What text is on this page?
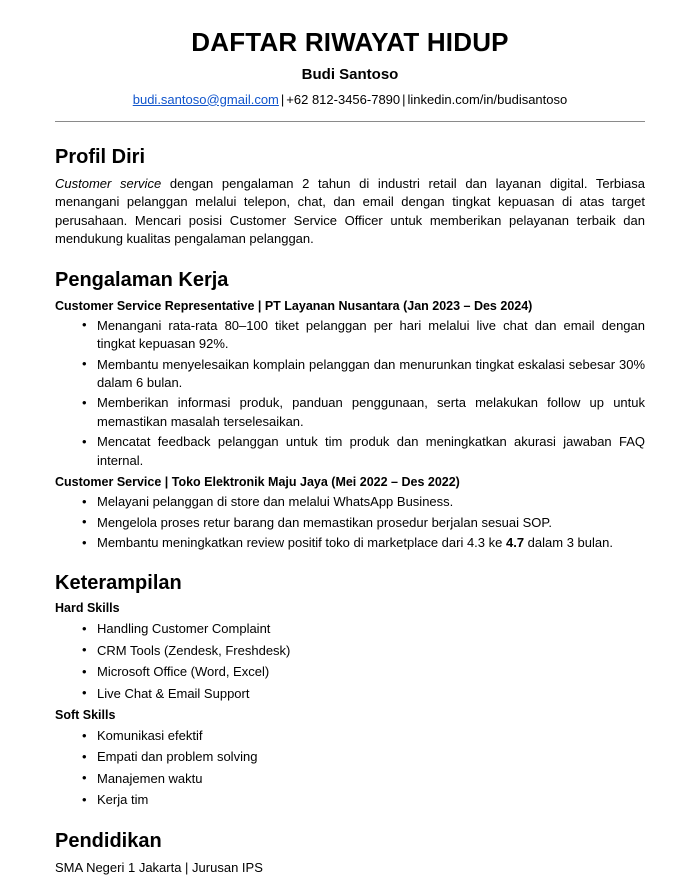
DAFTAR RIWAYAT HIDUP
Budi Santoso
budi.santoso@gmail.com | +62 812-3456-7890 | linkedin.com/in/budisantoso
Profil Diri

Customer service dengan pengalaman 2 tahun di industri retail dan layanan digital. Terbiasa menangani pelanggan melalui telepon, chat, dan email dengan tingkat kepuasan di atas target perusahaan. Mencari posisi Customer Service Officer untuk memberikan pelayanan terbaik dan mendukung kualitas pengalaman pelanggan.

Pengalaman Kerja
Customer Service Representative | PT Layanan Nusantara (Jan 2023 – Des 2024)
• Menangani rata-rata 80–100 tiket pelanggan per hari melalui live chat dan email dengan tingkat kepuasan 92%.
• Membantu menyelesaikan komplain pelanggan dan menurunkan tingkat eskalasi sebesar 30% dalam 6 bulan.
• Memberikan informasi produk, panduan penggunaan, serta melakukan follow up untuk memastikan masalah terselesaikan.
• Mencatat feedback pelanggan untuk tim produk dan meningkatkan akurasi jawaban FAQ internal.
Customer Service | Toko Elektronik Maju Jaya (Mei 2022 – Des 2022)
• Melayani pelanggan di store dan melalui WhatsApp Business.
• Mengelola proses retur barang dan memastikan prosedur berjalan sesuai SOP.
• Membantu meningkatkan review positif toko di marketplace dari 4.3 ke 4.7 dalam 3 bulan.
Keterampilan
Hard Skills
• Handling Customer Complaint
• CRM Tools (Zendesk, Freshdesk)
• Microsoft Office (Word, Excel)
• Live Chat & Email Support
Soft Skills
• Komunikasi efektif
• Empati dan problem solving
• Manajemen waktu
• Kerja tim
Pendidikan

SMA Negeri 1 Jakarta | Jurusan IPS
